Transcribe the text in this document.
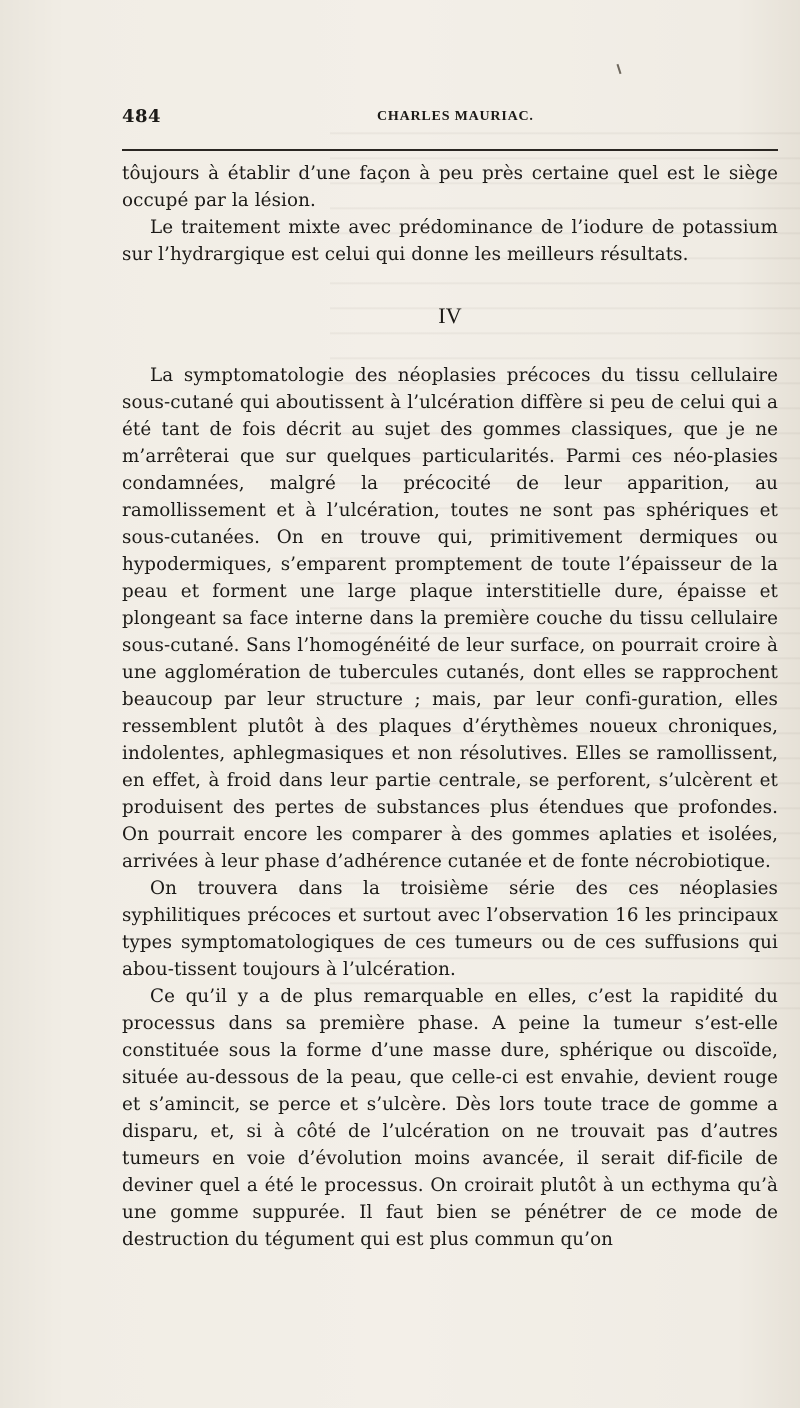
484	CHARLES MAURIAC.

tôujours à établir d’une façon à peu près certaine quel est le siège occupé par la lésion.

Le traitement mixte avec prédominance de l’iodure de potassium sur l’hydrargique est celui qui donne les meilleurs résultats.

IV

La symptomatologie des néoplasies précoces du tissu cellulaire sous-cutané qui aboutissent à l’ulcération diffère si peu de celui qui a été tant de fois décrit au sujet des gommes classiques, que je ne m’arrêterai que sur quelques particularités. Parmi ces néo-plasies condamnées, malgré la précocité de leur apparition, au ramollissement et à l’ulcération, toutes ne sont pas sphériques et sous-cutanées. On en trouve qui, primitivement dermiques ou hypodermiques, s’emparent promptement de toute l’épaisseur de la peau et forment une large plaque interstitielle dure, épaisse et plongeant sa face interne dans la première couche du tissu cellulaire sous-cutané. Sans l’homogénéité de leur surface, on pourrait croire à une agglomération de tubercules cutanés, dont elles se rapprochent beaucoup par leur structure ; mais, par leur confi-guration, elles ressemblent plutôt à des plaques d’érythèmes noueux chroniques, indolentes, aphlegmasiques et non résolutives. Elles se ramollissent, en effet, à froid dans leur partie centrale, se perforent, s’ulcèrent et produisent des pertes de substances plus étendues que profondes. On pourrait encore les comparer à des gommes aplaties et isolées, arrivées à leur phase d’adhérence cutanée et de fonte nécrobiotique.

On trouvera dans la troisième série des ces néoplasies syphilitiques précoces et surtout avec l’observation 16 les principaux types symptomatologiques de ces tumeurs ou de ces suffusions qui abou-tissent toujours à l’ulcération.

Ce qu’il y a de plus remarquable en elles, c’est la rapidité du processus dans sa première phase. A peine la tumeur s’est-elle constituée sous la forme d’une masse dure, sphérique ou discoïde, située au-dessous de la peau, que celle-ci est envahie, devient rouge et s’amincit, se perce et s’ulcère. Dès lors toute trace de gomme a disparu, et, si à côté de l’ulcération on ne trouvait pas d’autres tumeurs en voie d’évolution moins avancée, il serait dif-ficile de deviner quel a été le processus. On croirait plutôt à un ecthyma qu’à une gomme suppurée. Il faut bien se pénétrer de ce mode de destruction du tégument qui est plus commun qu’on
